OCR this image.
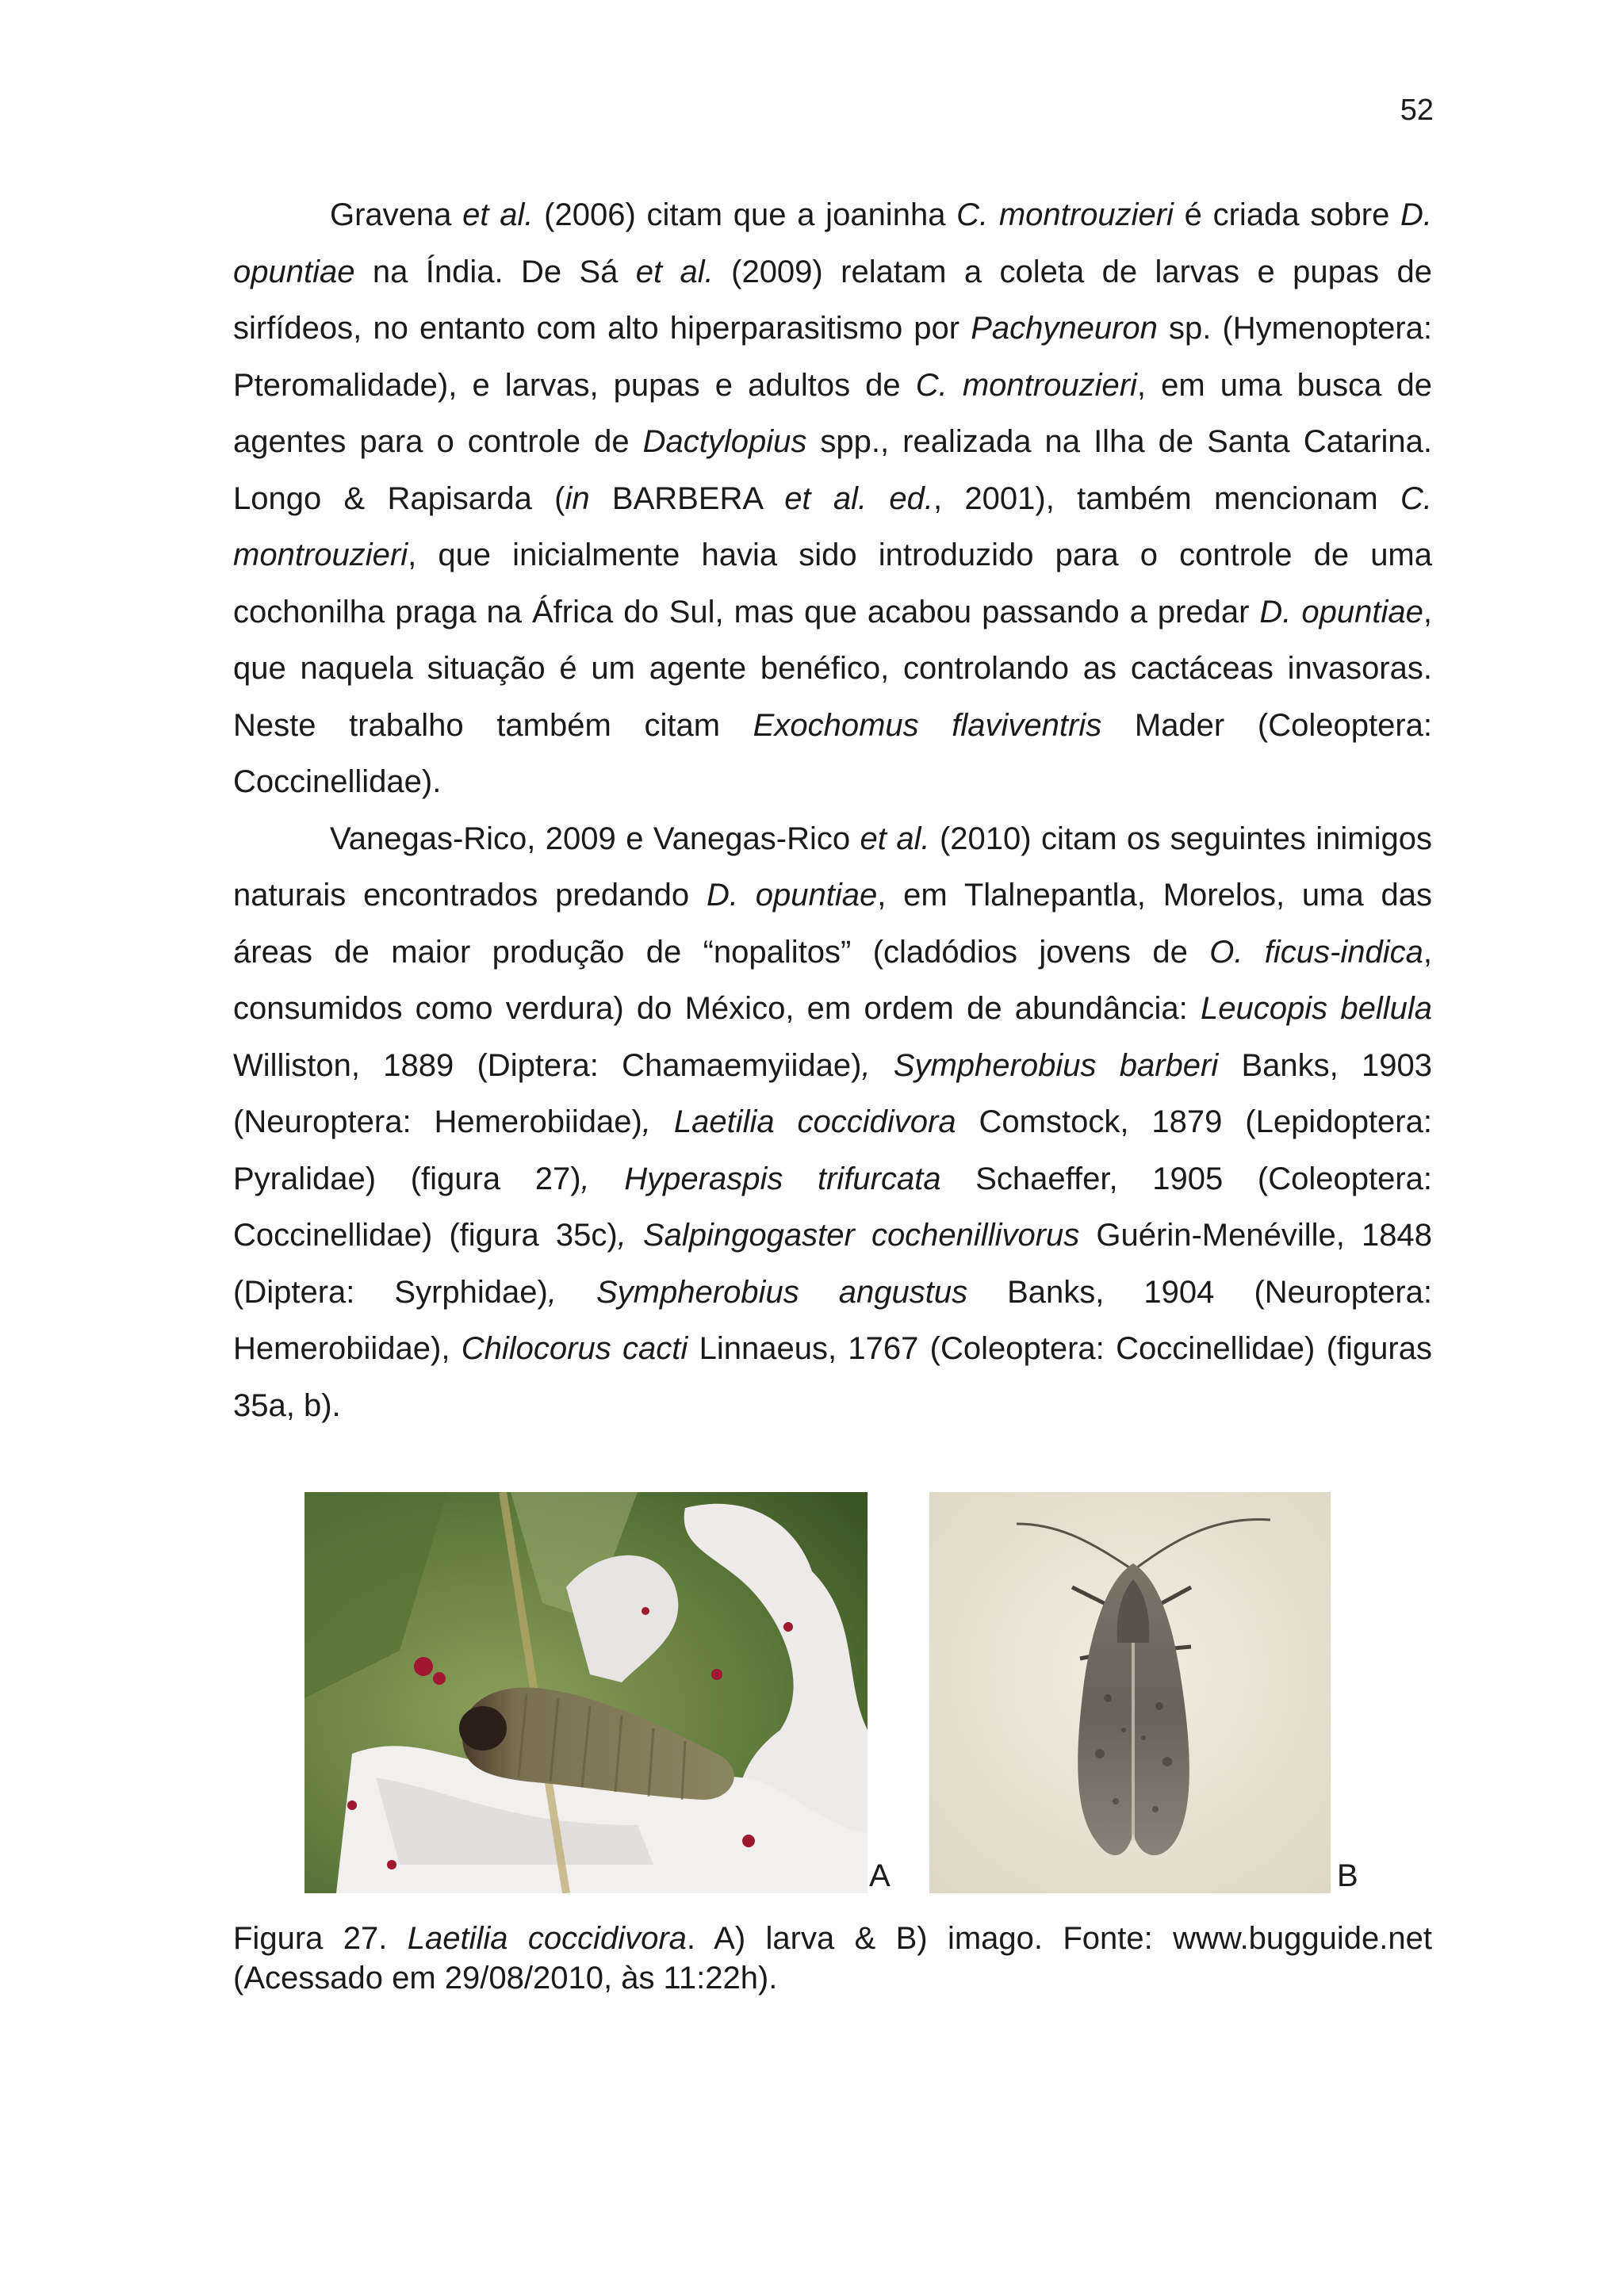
52

Gravena et al. (2006) citam que a joaninha C. montrouzieri é criada sobre D. opuntiae na Índia. De Sá et al. (2009) relatam a coleta de larvas e pupas de sirfídeos, no entanto com alto hiperparasitismo por Pachyneuron sp. (Hymenoptera: Pteromalidade), e larvas, pupas e adultos de C. montrouzieri, em uma busca de agentes para o controle de Dactylopius spp., realizada na Ilha de Santa Catarina. Longo & Rapisarda (in BARBERA et al. ed., 2001), também mencionam C. montrouzieri, que inicialmente havia sido introduzido para o controle de uma cochonilha praga na África do Sul, mas que acabou passando a predar D. opuntiae, que naquela situação é um agente benéfico, controlando as cactáceas invasoras. Neste trabalho também citam Exochomus flaviventris Mader (Coleoptera: Coccinellidae).

Vanegas-Rico, 2009 e Vanegas-Rico et al. (2010) citam os seguintes inimigos naturais encontrados predando D. opuntiae, em Tlalnepantla, Morelos, uma das áreas de maior produção de “nopalitos” (cladódios jovens de O. ficus-indica, consumidos como verdura) do México, em ordem de abundância: Leucopis bellula Williston, 1889 (Diptera: Chamaemyiidae), Sympherobius barberi Banks, 1903 (Neuroptera: Hemerobiidae), Laetilia coccidivora Comstock, 1879 (Lepidoptera: Pyralidae) (figura 27), Hyperaspis trifurcata Schaeffer, 1905 (Coleoptera: Coccinellidae) (figura 35c), Salpingogaster cochenillivorus Guérin-Menéville, 1848 (Diptera: Syrphidae), Sympherobius angustus Banks, 1904 (Neuroptera: Hemerobiidae), Chilocorus cacti Linnaeus, 1767 (Coleoptera: Coccinellidae) (figuras 35a, b).

A	B
Figura 27. Laetilia coccidivora. A) larva & B) imago. Fonte: www.bugguide.net (Acessado em 29/08/2010, às 11:22h).
